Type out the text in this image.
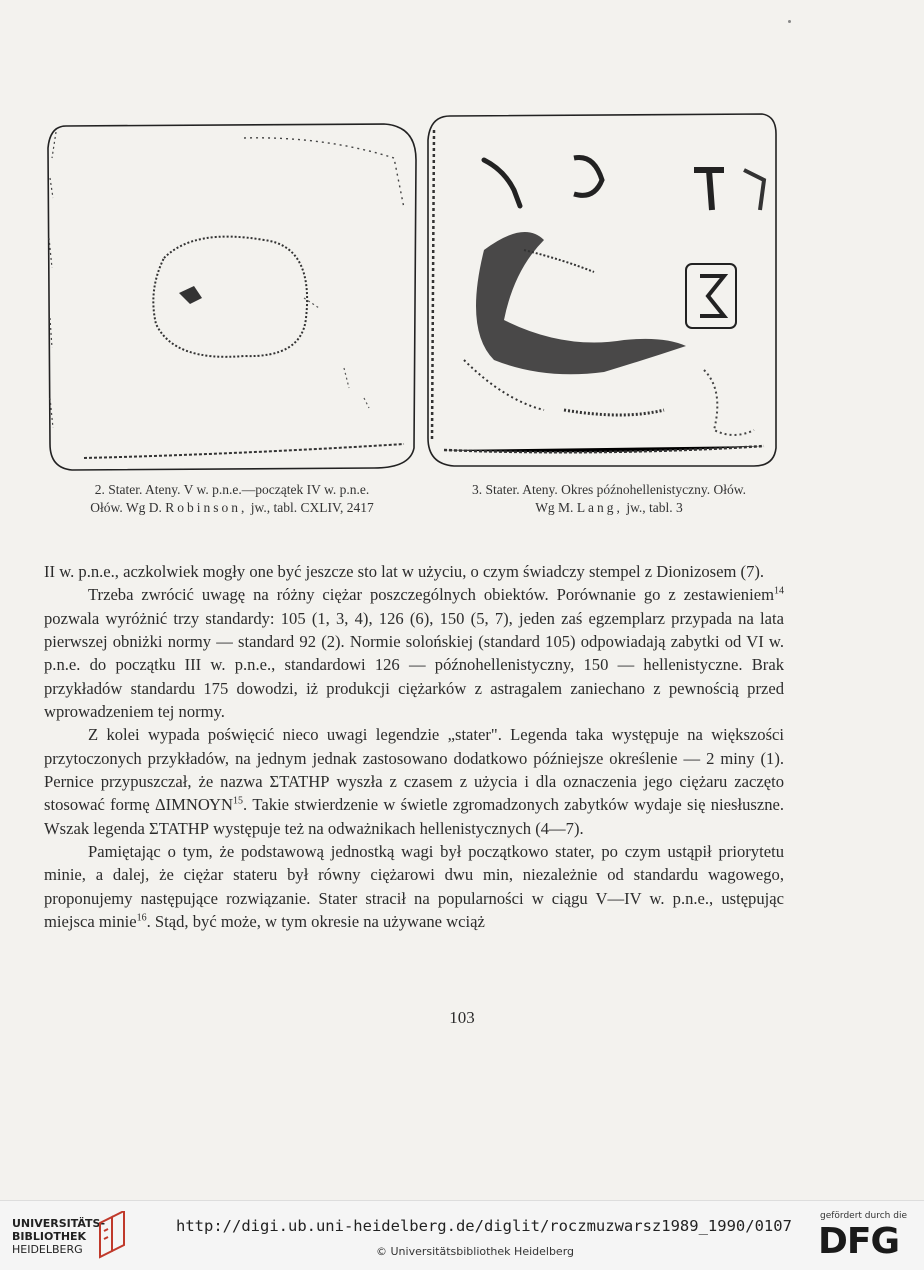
2. Stater. Ateny. V w. p.n.e.—początek IV w. p.n.e.
Ołów. Wg D. Robinson, jw., tabl. CXLIV, 2417
3. Stater. Ateny. Okres późnohellenistyczny. Ołów.
Wg M. Lang, jw., tabl. 3

II w. p.n.e., aczkolwiek mogły one być jeszcze sto lat w użyciu, o czym świadczy stempel z Dionizosem (7).

Trzeba zwrócić uwagę na różny ciężar poszczególnych obiektów. Porównanie go z zestawieniem$^{14}$ pozwala wyróżnić trzy standardy: 105 (1, 3, 4), 126 (6), 150 (5, 7), jeden zaś egzemplarz przypada na lata pierwszej obniżki normy — standard 92 (2). Normie solońskiej (standard 105) odpowiadają zabytki od VI w. p.n.e. do początku III w. p.n.e., standardowi 126 — późnohellenistyczny, 150 — hellenistyczne. Brak przykładów standardu 175 dowodzi, iż produkcji ciężarków z astragalem zaniechano z pewnością przed wprowadzeniem tej normy.

Z kolei wypada poświęcić nieco uwagi legendzie „stater". Legenda taka występuje na większości przytoczonych przykładów, na jednym jednak zastosowano dodatkowo późniejsze określenie — 2 miny (1). Pernice przypuszczał, że nazwa ΣΤΑΤΗΡ wyszła z czasem z użycia i dla oznaczenia jego ciężaru zaczęto stosować formę ΔΙΜΝΟΥΝ$^{15}$. Takie stwierdzenie w świetle zgromadzonych zabytków wydaje się niesłuszne. Wszak legenda ΣΤΑΤΗΡ występuje też na odważnikach hellenistycznych (4—7).

Pamiętając o tym, że podstawową jednostką wagi był początkowo stater, po czym ustąpił priorytetu minie, a dalej, że ciężar stateru był równy ciężarowi dwu min, niezależnie od standardu wagowego, proponujemy następujące rozwiązanie. Stater stracił na popularności w ciągu V—IV w. p.n.e., ustępując miejsca minie$^{16}$. Stąd, być może, w tym okresie na używane wciąż

103
UNIVERSITÄTS-
BIBLIOTHEK
HEIDELBERG
http://digi.ub.uni-heidelberg.de/diglit/roczmuzwarsz1989_1990/0107
© Universitätsbibliothek Heidelberg
gefördert durch die
DFG
